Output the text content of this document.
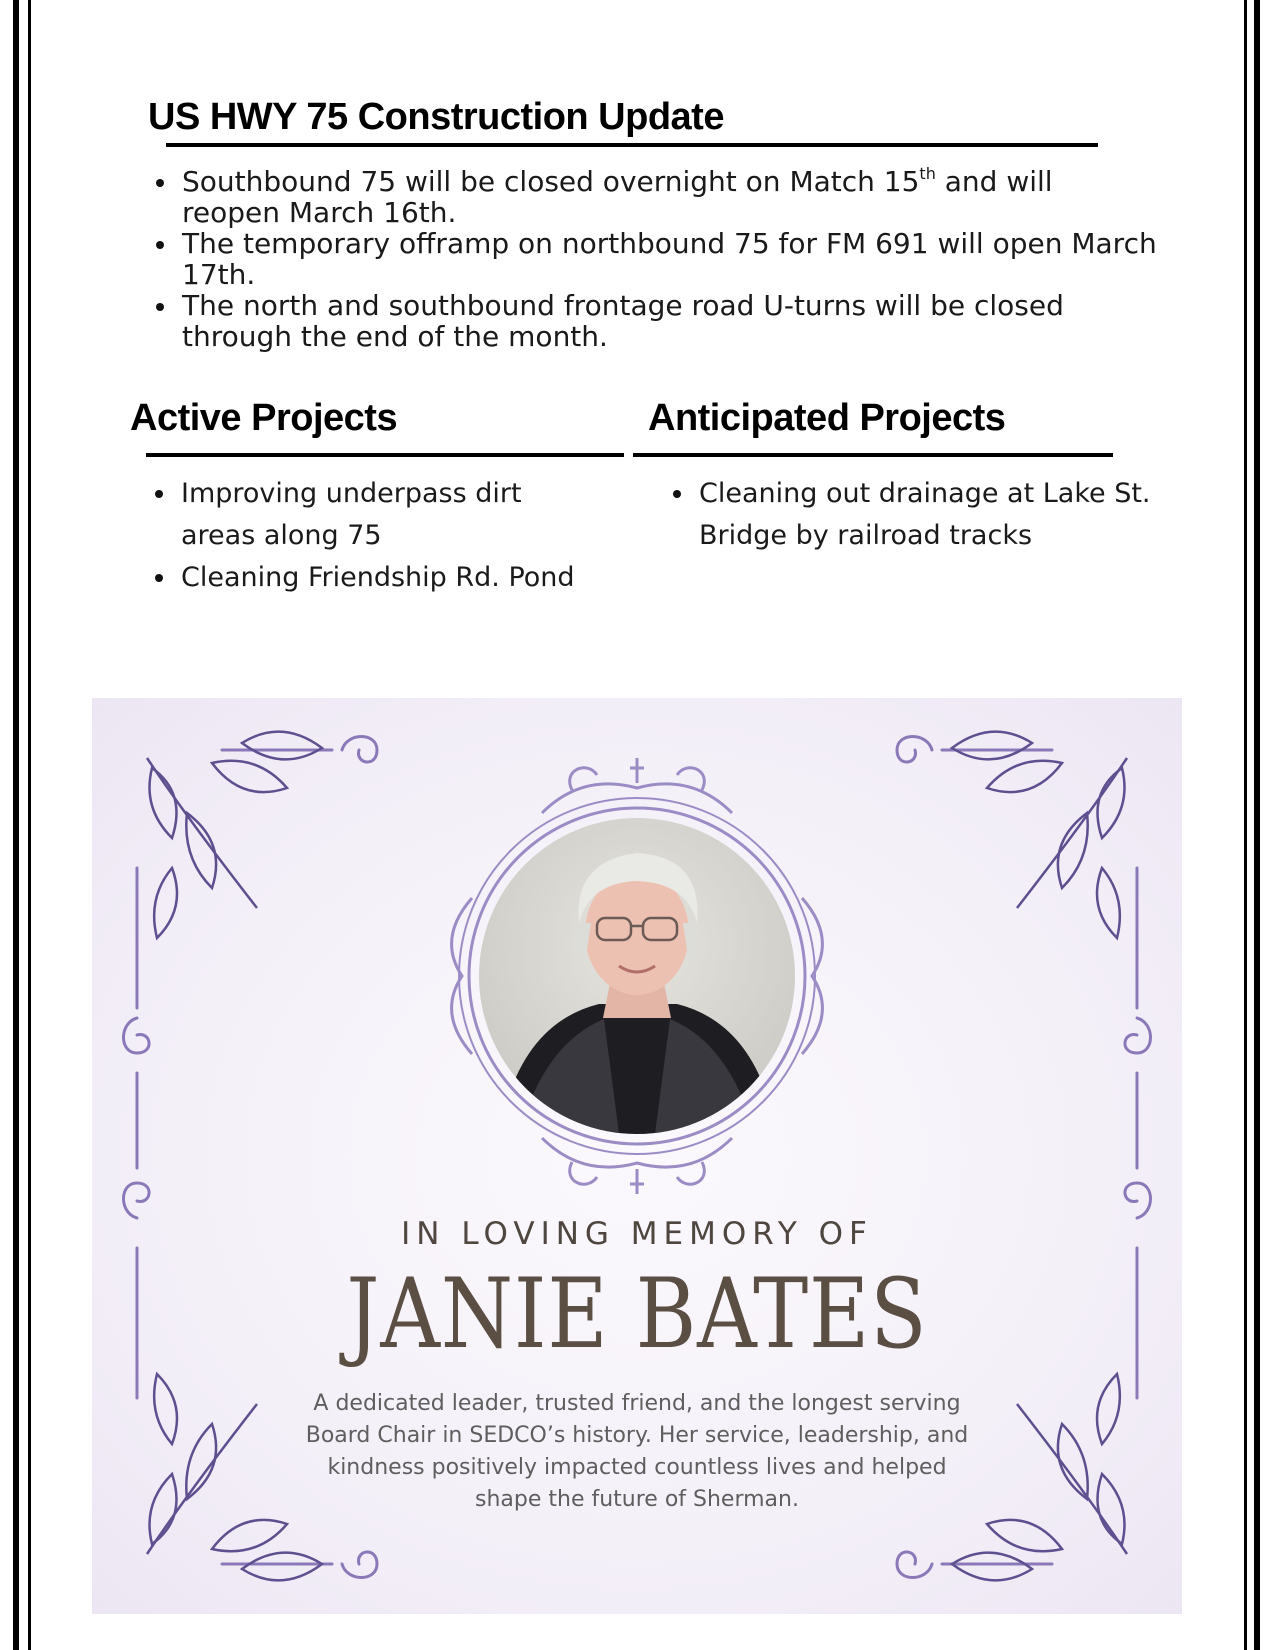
US HWY 75 Construction Update
Southbound 75 will be closed overnight on Match 15th and will
reopen March 16th.
The temporary offramp on northbound 75 for FM 691 will open March 17th.
The north and southbound frontage road U-turns will be closed through the end of the month.
Active Projects
Improving underpass dirt areas along 75
Cleaning Friendship Rd. Pond
Anticipated Projects
Cleaning out drainage at Lake St. Bridge by railroad tracks
IN LOVING MEMORY OF
JANIE BATES
A dedicated leader, trusted friend, and the longest serving Board Chair in SEDCO’s history. Her service, leadership, and kindness positively impacted countless lives and helped shape the future of Sherman.
